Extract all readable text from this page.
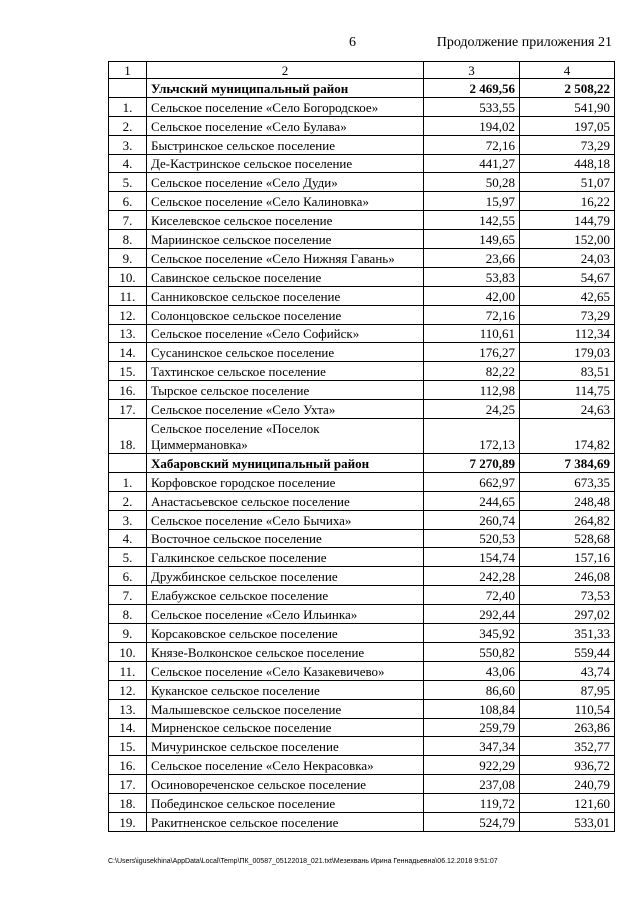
6	Продолжение приложения 21
1	2	3	4
	Ульчский муниципальный район	2 469,56	2 508,22
1.	Сельское поселение «Село Богородское»	533,55	541,90
2.	Сельское поселение «Село Булава»	194,02	197,05
3.	Быстринское сельское поселение	72,16	73,29
4.	Де-Кастринское сельское поселение	441,27	448,18
5.	Сельское поселение «Село Дуди»	50,28	51,07
6.	Сельское поселение «Село Калиновка»	15,97	16,22
7.	Киселевское сельское поселение	142,55	144,79
8.	Мариинское сельское поселение	149,65	152,00
9.	Сельское поселение «Село Нижняя Гавань»	23,66	24,03
10.	Савинское сельское поселение	53,83	54,67
11.	Санниковское сельское поселение	42,00	42,65
12.	Солонцовское сельское поселение	72,16	73,29
13.	Сельское поселение «Село Софийск»	110,61	112,34
14.	Сусанинское сельское поселение	176,27	179,03
15.	Тахтинское сельское поселение	82,22	83,51
16.	Тырское сельское поселение	112,98	114,75
17.	Сельское поселение «Село Ухта»	24,25	24,63
18.	Сельское поселение «Поселок Циммермановка»	172,13	174,82
	Хабаровский муниципальный район	7 270,89	7 384,69
1.	Корфовское городское поселение	662,97	673,35
2.	Анастасьевское сельское поселение	244,65	248,48
3.	Сельское поселение «Село Бычиха»	260,74	264,82
4.	Восточное сельское поселение	520,53	528,68
5.	Галкинское сельское поселение	154,74	157,16
6.	Дружбинское сельское поселение	242,28	246,08
7.	Елабужское сельское поселение	72,40	73,53
8.	Сельское поселение «Село Ильинка»	292,44	297,02
9.	Корсаковское сельское поселение	345,92	351,33
10.	Князе-Волконское сельское поселение	550,82	559,44
11.	Сельское поселение «Село Казакевичево»	43,06	43,74
12.	Куканское сельское поселение	86,60	87,95
13.	Малышевское сельское поселение	108,84	110,54
14.	Мирненское сельское поселение	259,79	263,86
15.	Мичуринское сельское поселение	347,34	352,77
16.	Сельское поселение «Село Некрасовка»	922,29	936,72
17.	Осиновореченское сельское поселение	237,08	240,79
18.	Побединское сельское поселение	119,72	121,60
19.	Ракитненское сельское поселение	524,79	533,01
C:\Users\igusekhina\AppData\Local\Temp\ПК_00587_05122018_021.txt\Мезехвань Ирина Геннадьевна\06.12.2018 9:51:07
